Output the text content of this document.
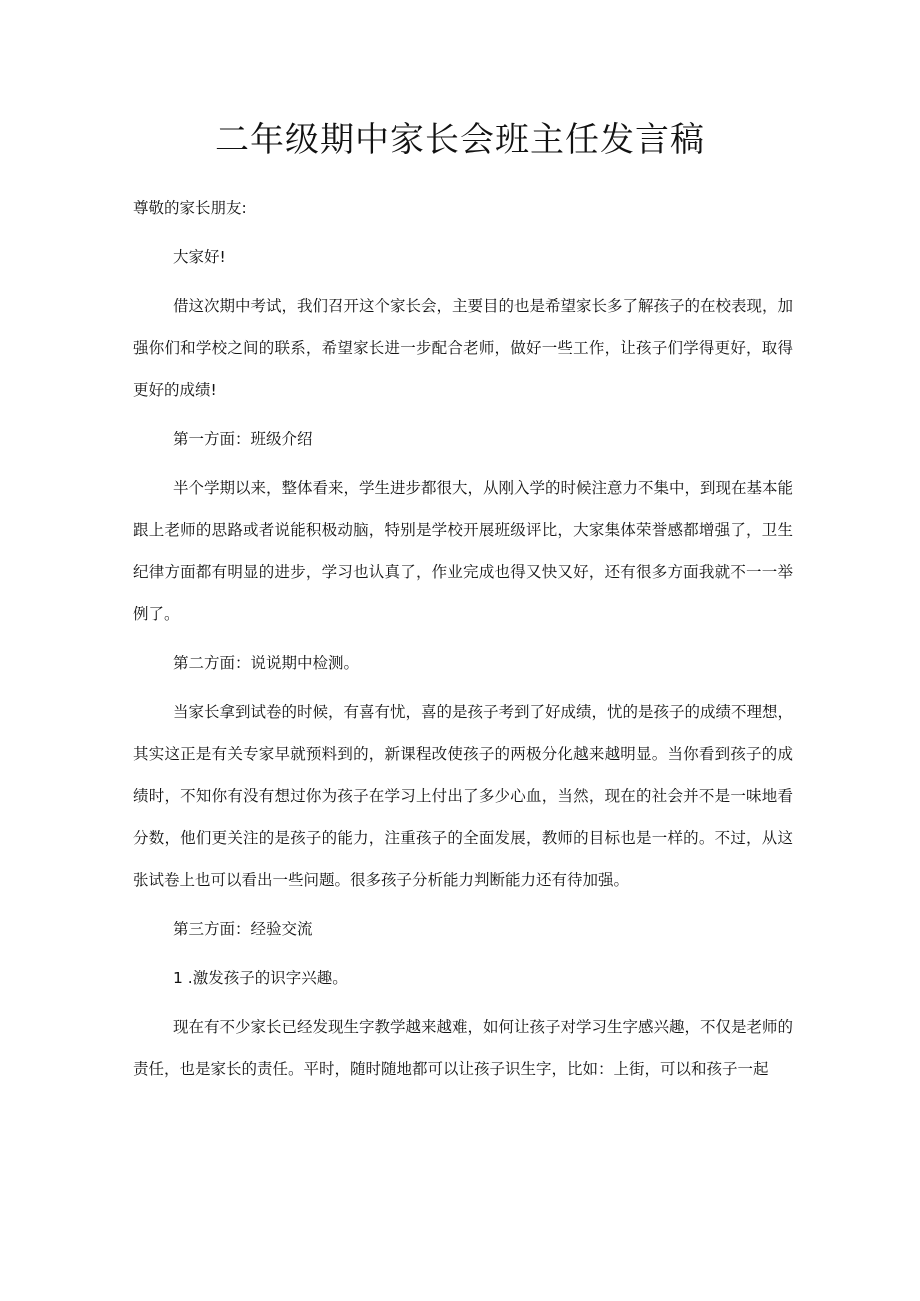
二年级期中家长会班主任发言稿

尊敬的家长朋友:

大家好!

借这次期中考试，我们召开这个家长会，主要目的也是希望家长多了解孩子的在校表现，加强你们和学校之间的联系，希望家长进一步配合老师，做好一些工作，让孩子们学得更好，取得更好的成绩!

第一方面：班级介绍

半个学期以来，整体看来，学生进步都很大，从刚入学的时候注意力不集中，到现在基本能跟上老师的思路或者说能积极动脑，特别是学校开展班级评比，大家集体荣誉感都增强了，卫生纪律方面都有明显的进步，学习也认真了，作业完成也得又快又好，还有很多方面我就不一一举例了。

第二方面：说说期中检测。

当家长拿到试卷的时候，有喜有忧，喜的是孩子考到了好成绩，忧的是孩子的成绩不理想，其实这正是有关专家早就预料到的，新课程改使孩子的两极分化越来越明显。当你看到孩子的成绩时，不知你有没有想过你为孩子在学习上付出了多少心血，当然，现在的社会并不是一味地看分数，他们更关注的是孩子的能力，注重孩子的全面发展，教师的目标也是一样的。不过，从这张试卷上也可以看出一些问题。很多孩子分析能力判断能力还有待加强。

第三方面：经验交流

1 .激发孩子的识字兴趣。

现在有不少家长已经发现生字教学越来越难，如何让孩子对学习生字感兴趣，不仅是老师的责任，也是家长的责任。平时，随时随地都可以让孩子识生字，比如：上街，可以和孩子一起
